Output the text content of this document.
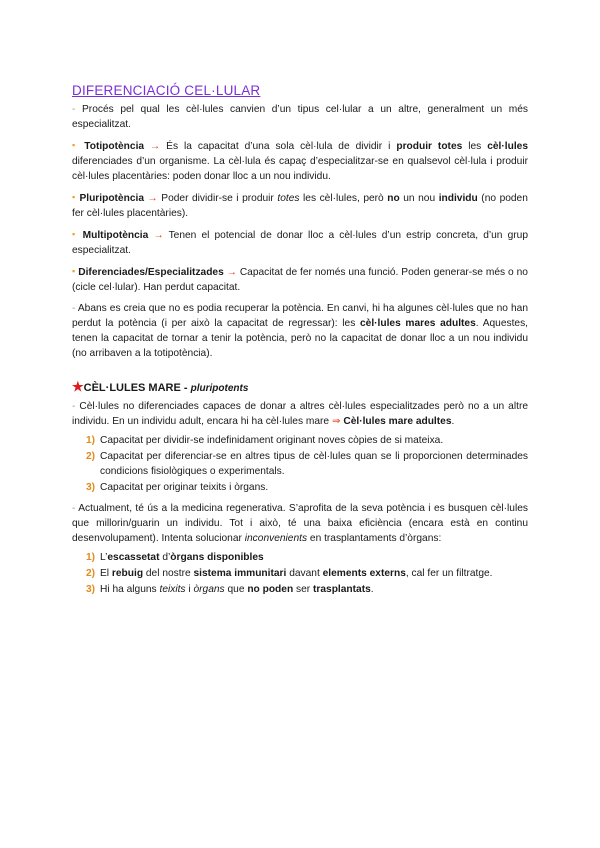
DIFERENCIACIÓ CEL·LULAR

- Procés pel qual les cèl·lules canvien d’un tipus cel·lular a un altre, generalment un més especialitzat.

▪ Totipotència → És la capacitat d’una sola cèl·lula de dividir i produir totes les cèl·lules diferenciades d’un organisme. La cèl·lula és capaç d’especialitzar-se en qualsevol cèl·lula i produir cèl·lules placentàries: poden donar lloc a un nou individu.

▪ Pluripotència → Poder dividir-se i produir totes les cèl·lules, però no un nou individu (no poden fer cèl·lules placentàries).

▪ Multipotència → Tenen el potencial de donar lloc a cèl·lules d’un estrip concreta, d’un grup especialitzat.

▪ Diferenciades/Especialitzades → Capacitat de fer només una funció. Poden generar-se més o no (cicle cel·lular). Han perdut capacitat.

- Abans es creia que no es podia recuperar la potència. En canvi, hi ha algunes cèl·lules que no han perdut la potència (i per això la capacitat de regressar): les cèl·lules mares adultes. Aquestes, tenen la capacitat de tornar a tenir la potència, però no la capacitat de donar lloc a un nou individu (no arribaven a la totipotència).

★CÈL·LULES MARE - pluripotents

- Cèl·lules no diferenciades capaces de donar a altres cèl·lules especialitzades però no a un altre individu. En un individu adult, encara hi ha cèl·lules mare ⇒ Cèl·lules mare adultes.

1) Capacitat per dividir-se indefinidament originant noves còpies de si mateixa.
2) Capacitat per diferenciar-se en altres tipus de cèl·lules quan se li proporcionen determinades condicions fisiològiques o experimentals.
3) Capacitat per originar teixits i òrgans.

- Actualment, té ús a la medicina regenerativa. S’aprofita de la seva potència i es busquen cèl·lules que millorin/guarin un individu. Tot i això, té una baixa eficiència (encara està en continu desenvolupament). Intenta solucionar inconvenients en trasplantaments d’òrgans:

1) L’escassetat d’òrgans disponibles
2) El rebuig del nostre sistema immunitari davant elements externs, cal fer un filtratge.
3) Hi ha alguns teixits i òrgans que no poden ser trasplantats.
